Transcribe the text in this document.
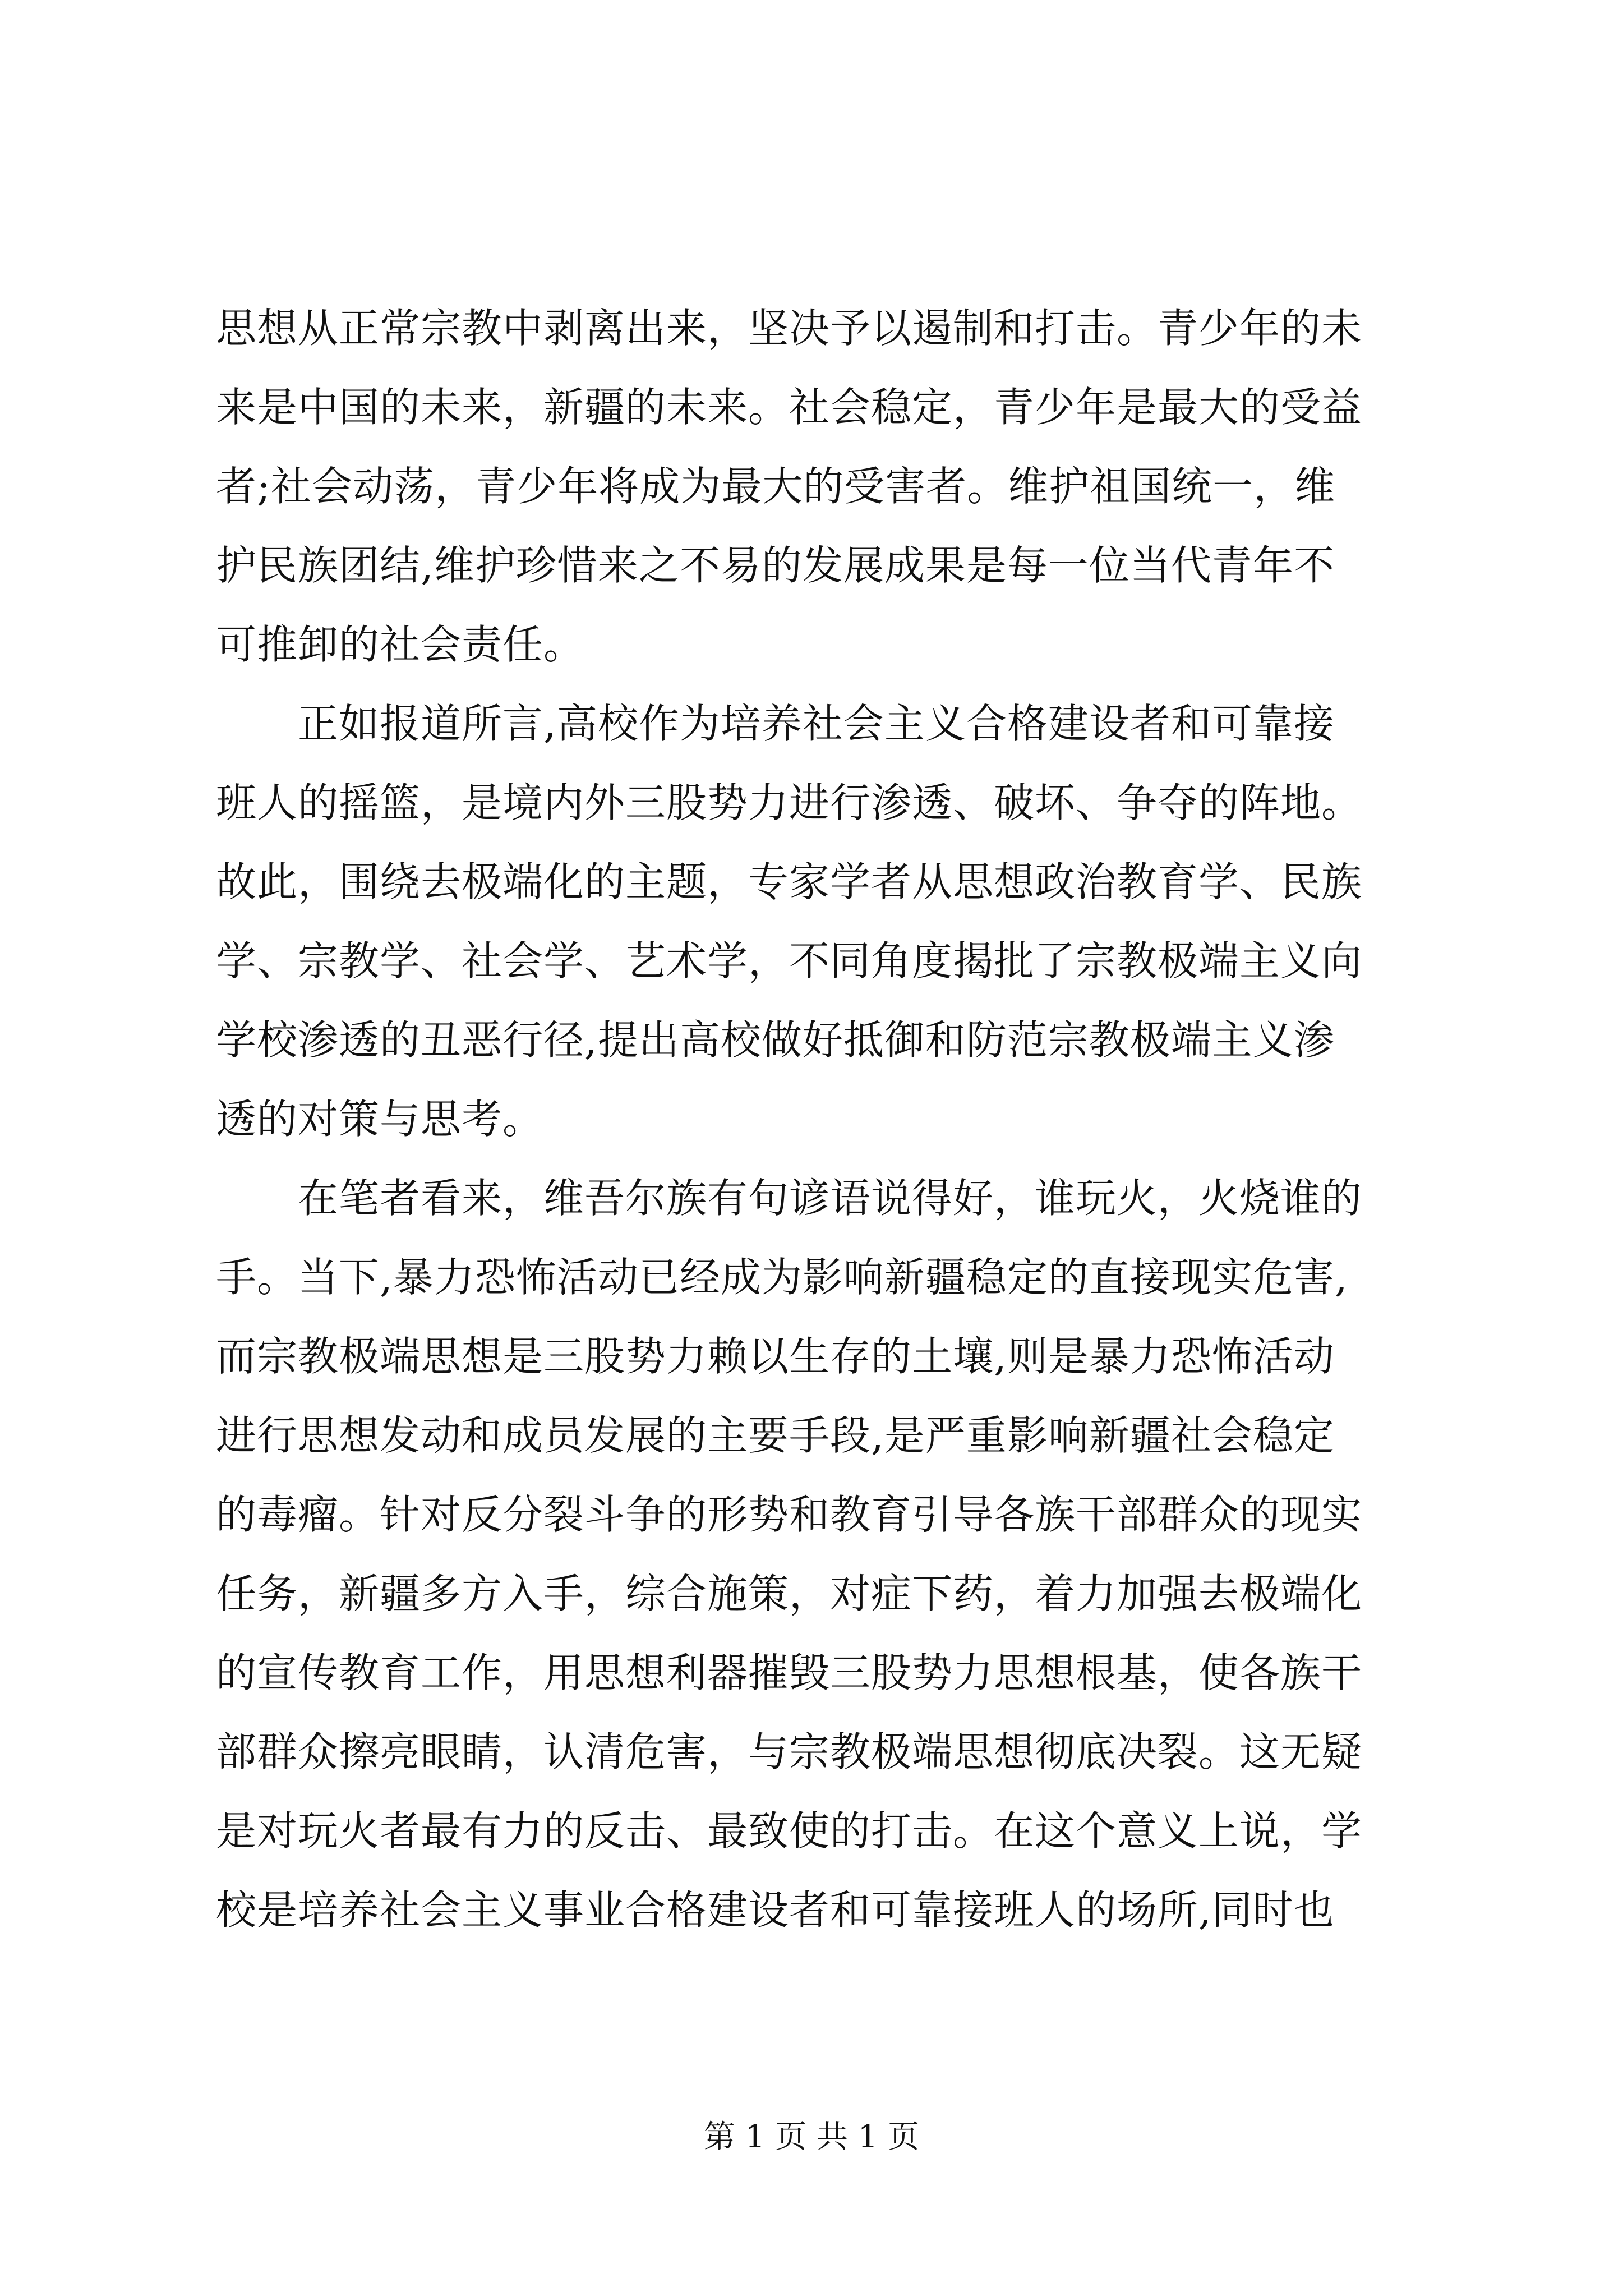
思想从正常宗教中剥离出来，坚决予以遏制和打击。青少年的未
来是中国的未来，新疆的未来。社会稳定，青少年是最大的受益
者;社会动荡，青少年将成为最大的受害者。维护祖国统一，维
护民族团结,维护珍惜来之不易的发展成果是每一位当代青年不
可推卸的社会责任。
正如报道所言,高校作为培养社会主义合格建设者和可靠接
班人的摇篮，是境内外三股势力进行渗透、破坏、争夺的阵地。
故此，围绕去极端化的主题，专家学者从思想政治教育学、民族
学、宗教学、社会学、艺术学，不同角度揭批了宗教极端主义向
学校渗透的丑恶行径,提出高校做好抵御和防范宗教极端主义渗
透的对策与思考。
在笔者看来，维吾尔族有句谚语说得好，谁玩火，火烧谁的
手。当下,暴力恐怖活动已经成为影响新疆稳定的直接现实危害,
而宗教极端思想是三股势力赖以生存的土壤,则是暴力恐怖活动
进行思想发动和成员发展的主要手段,是严重影响新疆社会稳定
的毒瘤。针对反分裂斗争的形势和教育引导各族干部群众的现实
任务，新疆多方入手，综合施策，对症下药，着力加强去极端化
的宣传教育工作，用思想利器摧毁三股势力思想根基，使各族干
部群众擦亮眼睛，认清危害，与宗教极端思想彻底决裂。这无疑
是对玩火者最有力的反击、最致使的打击。在这个意义上说，学
校是培养社会主义事业合格建设者和可靠接班人的场所,同时也
第 1 页 共 1 页
